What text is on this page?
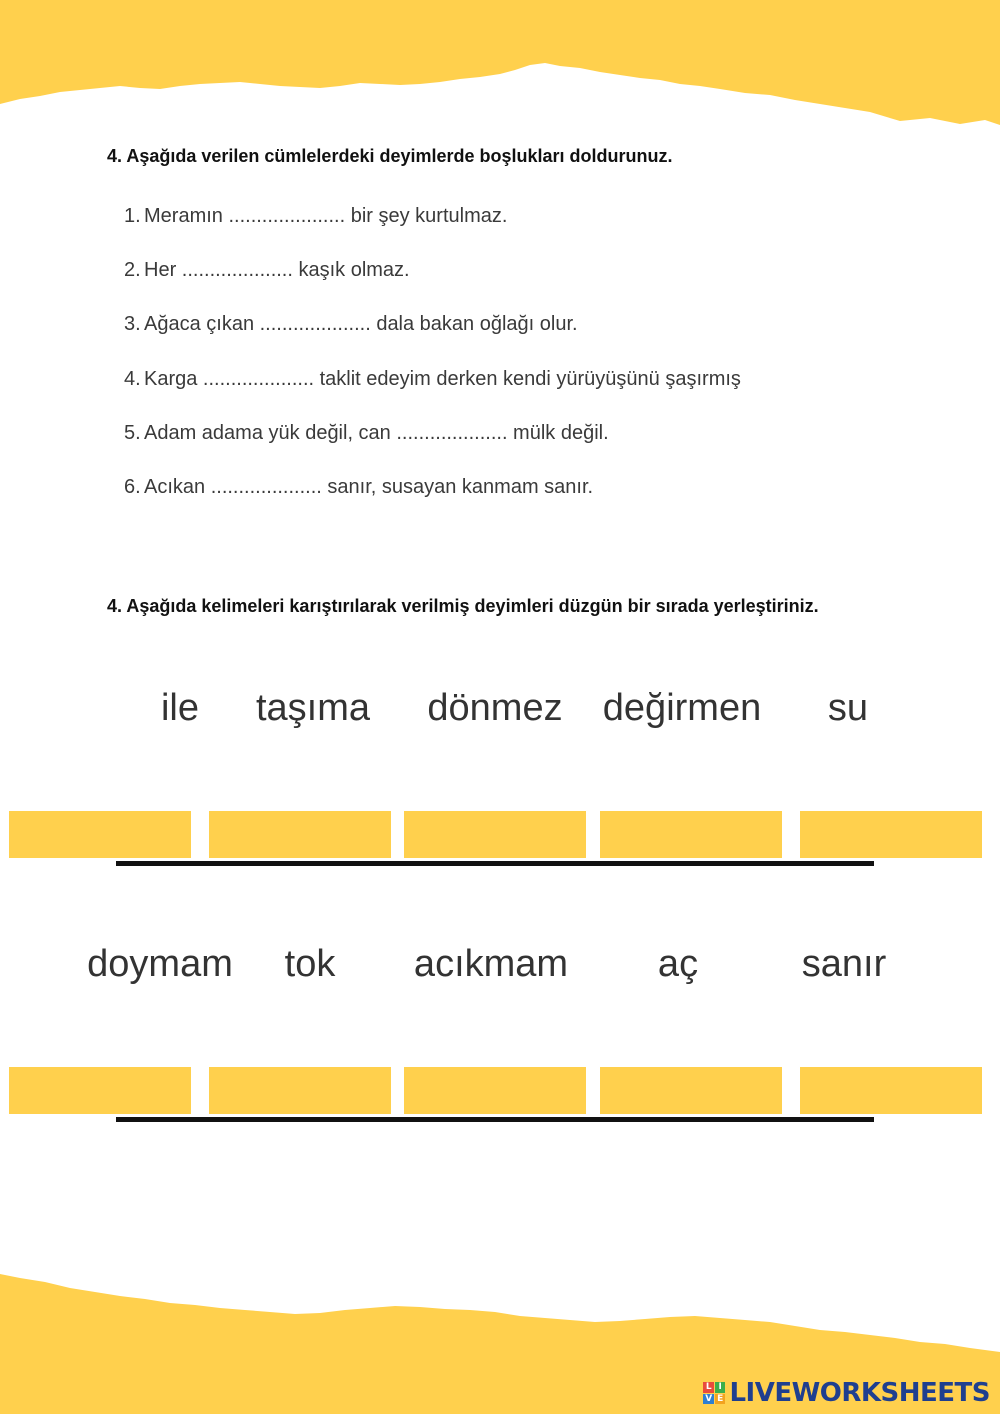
4. Aşağıda verilen cümlelerdeki deyimlerde boşlukları doldurunuz.
1. Meramın ..................... bir şey kurtulmaz.
2. Her .................... kaşık olmaz.
3. Ağaca çıkan .................... dala bakan oğlağı olur.
4. Karga .................... taklit edeyim derken kendi yürüyüşünü şaşırmış
5. Adam adama yük değil, can .................... mülk değil.
6. Acıkan .................... sanır, susayan kanmam sanır.
4. Aşağıda kelimeleri karıştırılarak verilmiş deyimleri düzgün bir sırada yerleştiriniz.
ile taşıma dönmez değirmen su
doymam tok acıkmam aç	sanır
L I
V E LIVEWORKSHEETS
